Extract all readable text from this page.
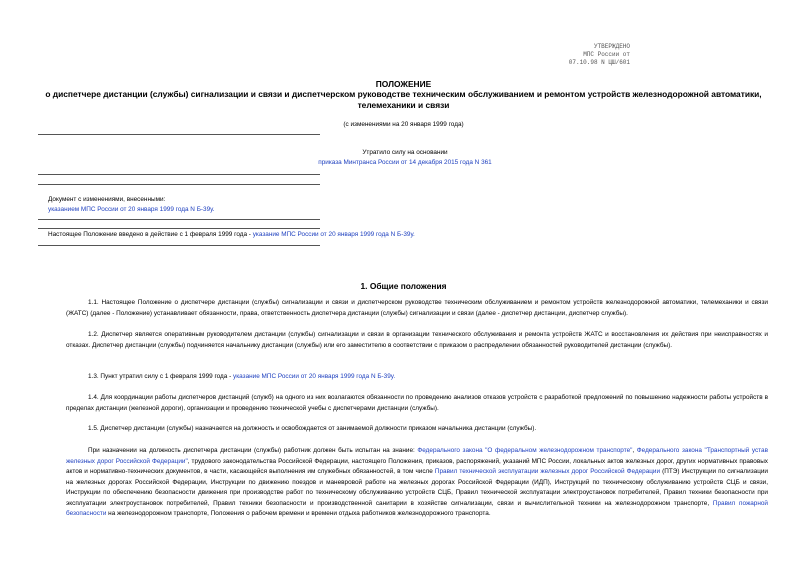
УТВЕРЖДЕНО
МПС России от
07.10.98 N ЦШ/601
ПОЛОЖЕНИЕ
о диспетчере дистанции (службы) сигнализации и связи и диспетчерском руководстве техническим обслуживанием и ремонтом устройств железнодорожной автоматики, телемеханики и связи
(с изменениями на 20 января 1999 года)
Утратило силу на основании
приказа Минтранса России от 14 декабря 2015 года N 361
Документ с изменениями, внесенными:
указанием МПС России от 20 января 1999 года N Б-39у.
Настоящее Положение введено в действие с 1 февраля 1999 года - указание МПС России от 20 января 1999 года N Б-39у.
1. Общие положения
1.1. Настоящее Положение о диспетчере дистанции (службы) сигнализации и связи и диспетчерском руководстве техническим обслуживанием и ремонтом устройств железнодорожной автоматики, телемеханики и связи (ЖАТС) (далее - Положение) устанавливает обязанности, права, ответственность диспетчера дистанции (службы) сигнализации и связи (далее - диспетчер дистанции, диспетчер службы).
1.2. Диспетчер является оперативным руководителем дистанции (службы) сигнализации и связи в организации технического обслуживания и ремонта устройств ЖАТС и восстановления их действия при неисправностях и отказах. Диспетчер дистанции (службы) подчиняется начальнику дистанции (службы) или его заместителю в соответствии с приказом о распределении обязанностей руководителей дистанции (службы).
1.3. Пункт утратил силу с 1 февраля 1999 года - указание МПС России от 20 января 1999 года N Б-39у.
1.4. Для координации работы диспетчеров дистанций (служб) на одного из них возлагаются обязанности по проведению анализов отказов устройств с разработкой предложений по повышению надежности работы устройств в пределах дистанции (железной дороги), организации и проведению технической учебы с диспетчерами дистанции (службы).
1.5. Диспетчер дистанции (службы) назначается на должность и освобождается от занимаемой должности приказом начальника дистанции (службы).
При назначении на должность диспетчера дистанции (службы) работник должен быть испытан на знание: Федерального закона "О федеральном железнодорожном транспорте", Федерального закона "Транспортный устав железных дорог Российской Федерации", трудового законодательства Российской Федерации, настоящего Положения, приказов, распоряжений, указаний МПС России, локальных актов железных дорог, других нормативных правовых актов и нормативно-технических документов, в части, касающейся выполнения им служебных обязанностей, в том числе Правил технической эксплуатации железных дорог Российской Федерации (ПТЭ) Инструкции по сигнализации на железных дорогах Российской Федерации, Инструкции по движению поездов и маневровой работе на железных дорогах Российской Федерации (ИДП), Инструкций по техническому обслуживанию устройств СЦБ и связи, Инструкции по обеспечению безопасности движения при производстве работ по техническому обслуживанию устройств СЦБ, Правил технической эксплуатации электроустановок потребителей, Правил техники безопасности при эксплуатации электроустановок потребителей, Правил техники безопасности и производственной санитарии в хозяйстве сигнализации, связи и вычислительной техники на железнодорожном транспорте, Правил пожарной безопасности на железнодорожном транспорте, Положения о рабочем времени и времени отдыха работников железнодорожного транспорта.
